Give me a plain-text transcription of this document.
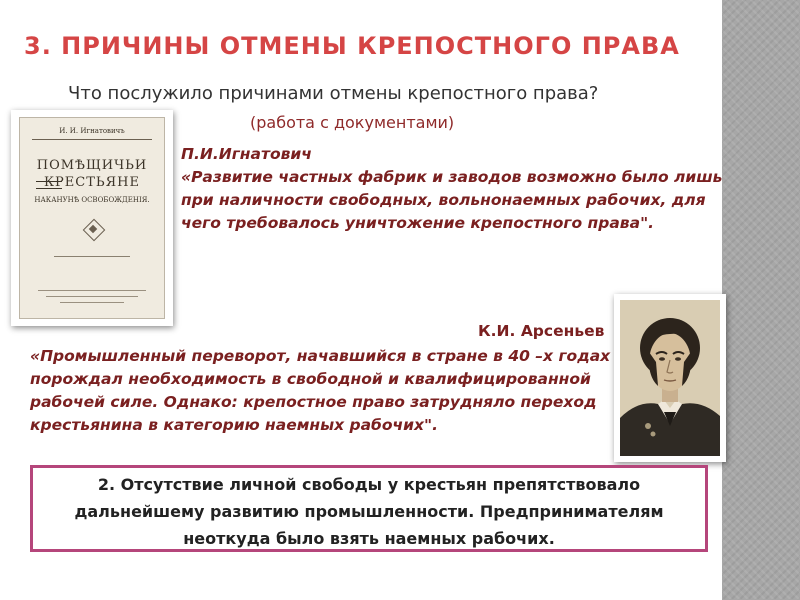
3. ПРИЧИНЫ ОТМЕНЫ КРЕПОСТНОГО ПРАВА
Что послужило причинами отмены крепостного права?
(работа с документами)
И. И. Игнатовичъ
ПОМѢЩИЧЬИ
КРЕСТЬЯНЕ
НАКАНУНѢ ОСВОБОЖДЕНІЯ.
П.И.Игнатович
«Развитие частных фабрик и заводов возможно было лишь при наличности свободных, вольнонаемных рабочих, для чего требовалось уничтожение крепостного права".
К.И. Арсеньев
«Промышленный переворот, начавшийся в стране в 40 –х годах порождал необходимость в свободной и квалифицированной рабочей силе. Однако: крепостное право затрудняло переход крестьянина в категорию наемных рабочих".
2. Отсутствие личной свободы у крестьян препятствовало дальнейшему развитию промышленности. Предпринимателям неоткуда было взять наемных рабочих.
